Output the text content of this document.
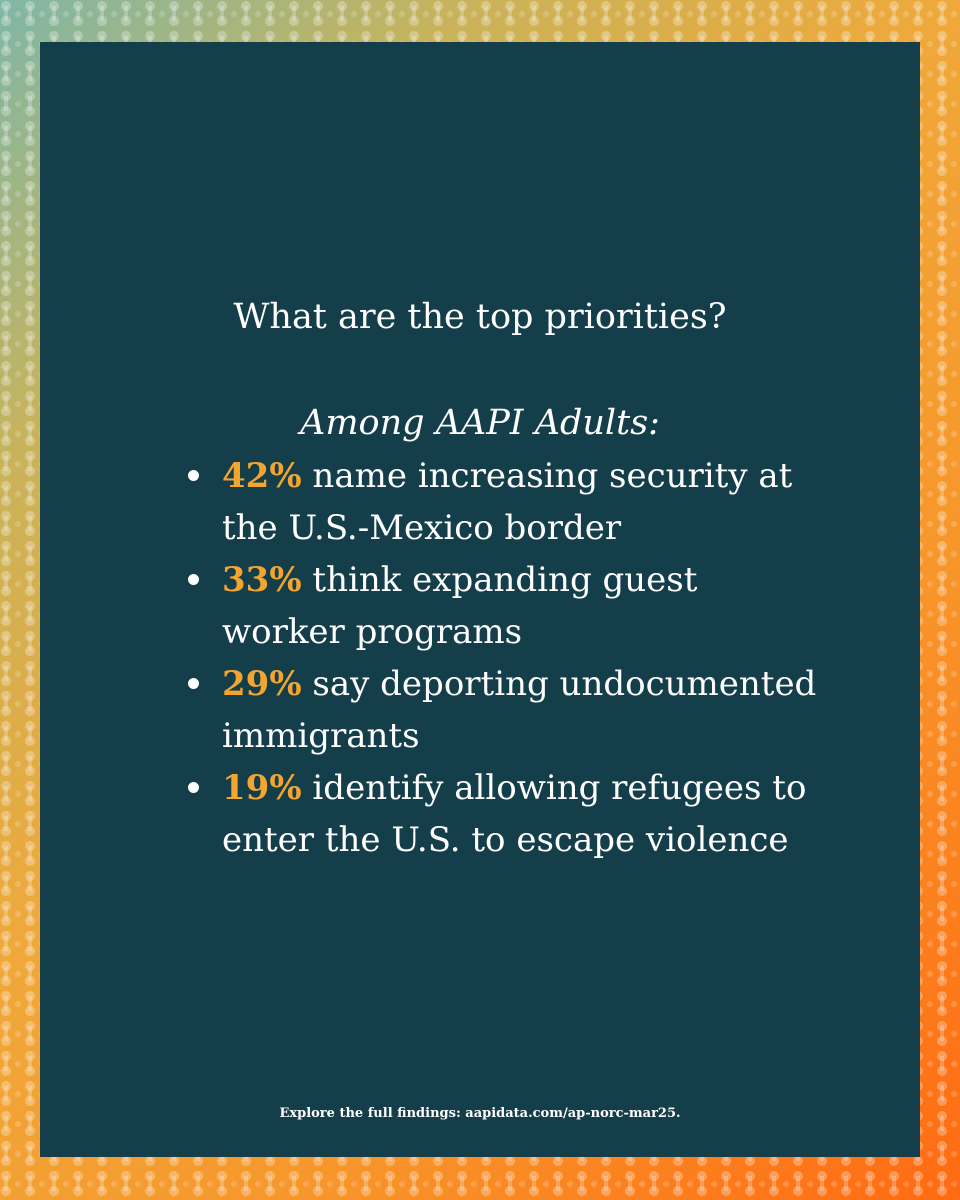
What are the top priorities?
Among AAPI Adults:
42% name increasing security at the U.S.-Mexico border
33% think expanding guest worker programs
29% say deporting undocumented immigrants
19% identify allowing refugees to enter the U.S. to escape violence
Explore the full findings: aapidata.com/ap-norc-mar25.
